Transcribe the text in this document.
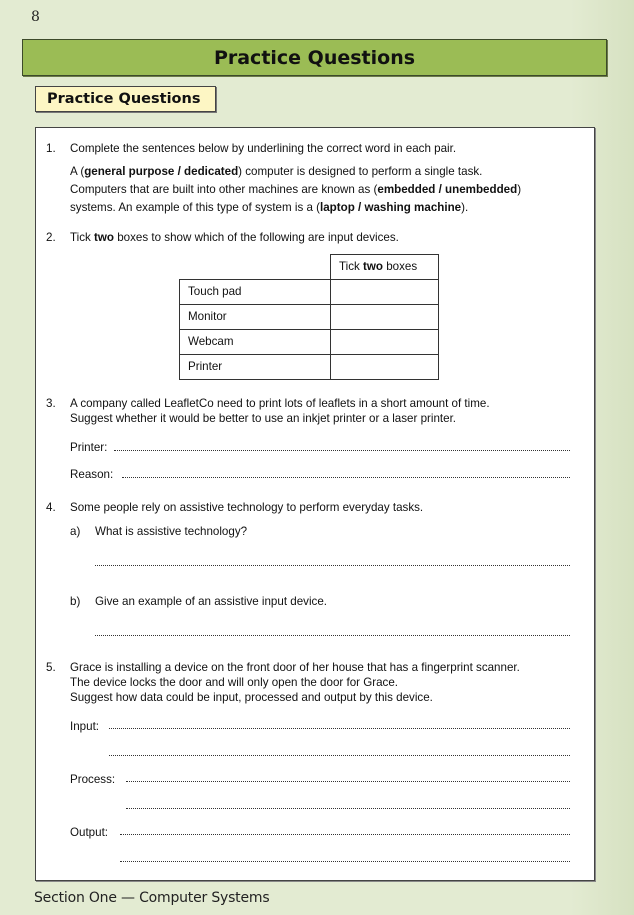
8
Practice Questions
Practice Questions
1. Complete the sentences below by underlining the correct word in each pair.
A (general purpose / dedicated) computer is designed to perform a single task.
Computers that are built into other machines are known as (embedded / unembedded)
systems. An example of this type of system is a (laptop / washing machine).
2. Tick two boxes to show which of the following are input devices.
	Tick two boxes
Touch pad	
Monitor	
Webcam	
Printer	
3. A company called LeafletCo need to print lots of leaflets in a short amount of time.
Suggest whether it would be better to use an inkjet printer or a laser printer.
Printer:
Reason:
4. Some people rely on assistive technology to perform everyday tasks.
a) What is assistive technology?
b) Give an example of an assistive input device.
5. Grace is installing a device on the front door of her house that has a fingerprint scanner.
The device locks the door and will only open the door for Grace.
Suggest how data could be input, processed and output by this device.
Input:
Process:
Output:
Section One — Computer Systems
